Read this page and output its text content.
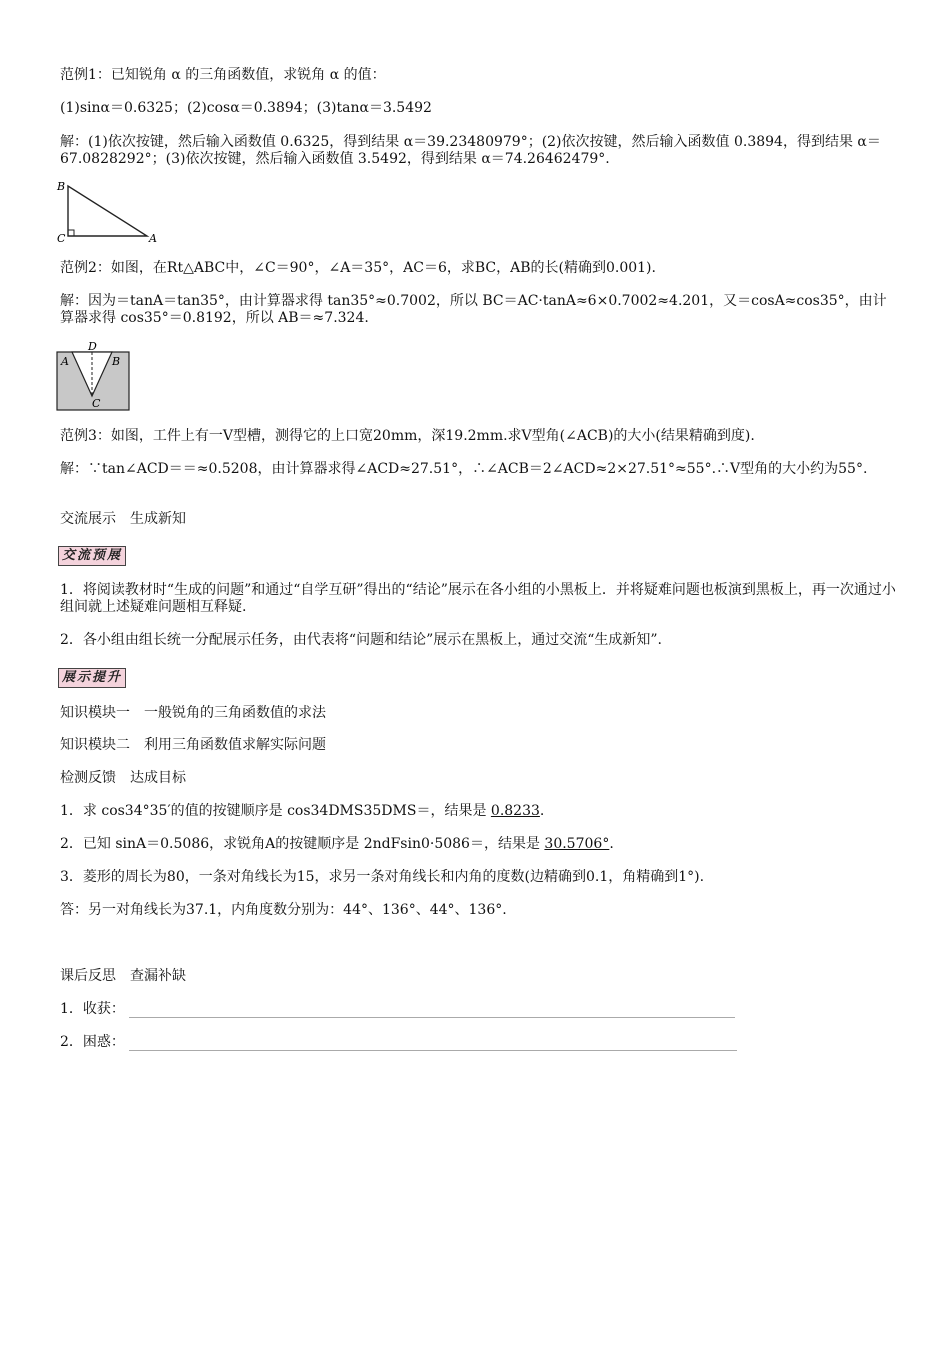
范例1：已知锐角 α 的三角函数值，求锐角 α 的值：
(1)sinα＝0.6325；(2)cosα＝0.3894；(3)tanα＝3.5492
解：(1)依次按键，然后输入函数值 0.6325，得到结果 α＝39.23480979°；(2)依次按键，然后输入函数值 0.3894，得到结果 α＝67.0828292°；(3)依次按键，然后输入函数值 3.5492，得到结果 α＝74.26462479°.
B
C	A
范例2：如图，在Rt△ABC中，∠C＝90°，∠A＝35°，AC＝6，求BC，AB的长(精确到0.001).
解：因为＝tanA＝tan35°，由计算器求得 tan35°≈0.7002，所以 BC＝AC·tanA≈6×0.7002≈4.201，又＝cosA≈cos35°，由计算器求得 cos35°＝0.8192，所以 AB＝≈7.324.
D
A	B
C
范例3：如图，工件上有一V型槽，测得它的上口宽20mm，深19.2mm.求V型角(∠ACB)的大小(结果精确到度).
解：∵tan∠ACD＝＝≈0.5208，由计算器求得∠ACD≈27.51°，∴∠ACB＝2∠ACD≈2×27.51°≈55°.∴V型角的大小约为55°.
交流展示　生成新知
交流预展
1．将阅读教材时“生成的问题”和通过“自学互研”得出的“结论”展示在各小组的小黑板上．并将疑难问题也板演到黑板上，再一次通过小组间就上述疑难问题相互释疑.
2．各小组由组长统一分配展示任务，由代表将“问题和结论”展示在黑板上，通过交流“生成新知”.
展示提升
知识模块一　一般锐角的三角函数值的求法
知识模块二　利用三角函数值求解实际问题
检测反馈　达成目标
1．求 cos34°35′的值的按键顺序是 cos34DMS35DMS＝，结果是 0.8233.
2．已知 sinA＝0.5086，求锐角A的按键顺序是 2ndFsin0·5086＝，结果是 30.5706°.
3．菱形的周长为80，一条对角线长为15，求另一条对角线长和内角的度数(边精确到0.1，角精确到1°).
答：另一对角线长为37.1，内角度数分别为：44°、136°、44°、136°.
课后反思　查漏补缺
1．收获：
2．困惑：
